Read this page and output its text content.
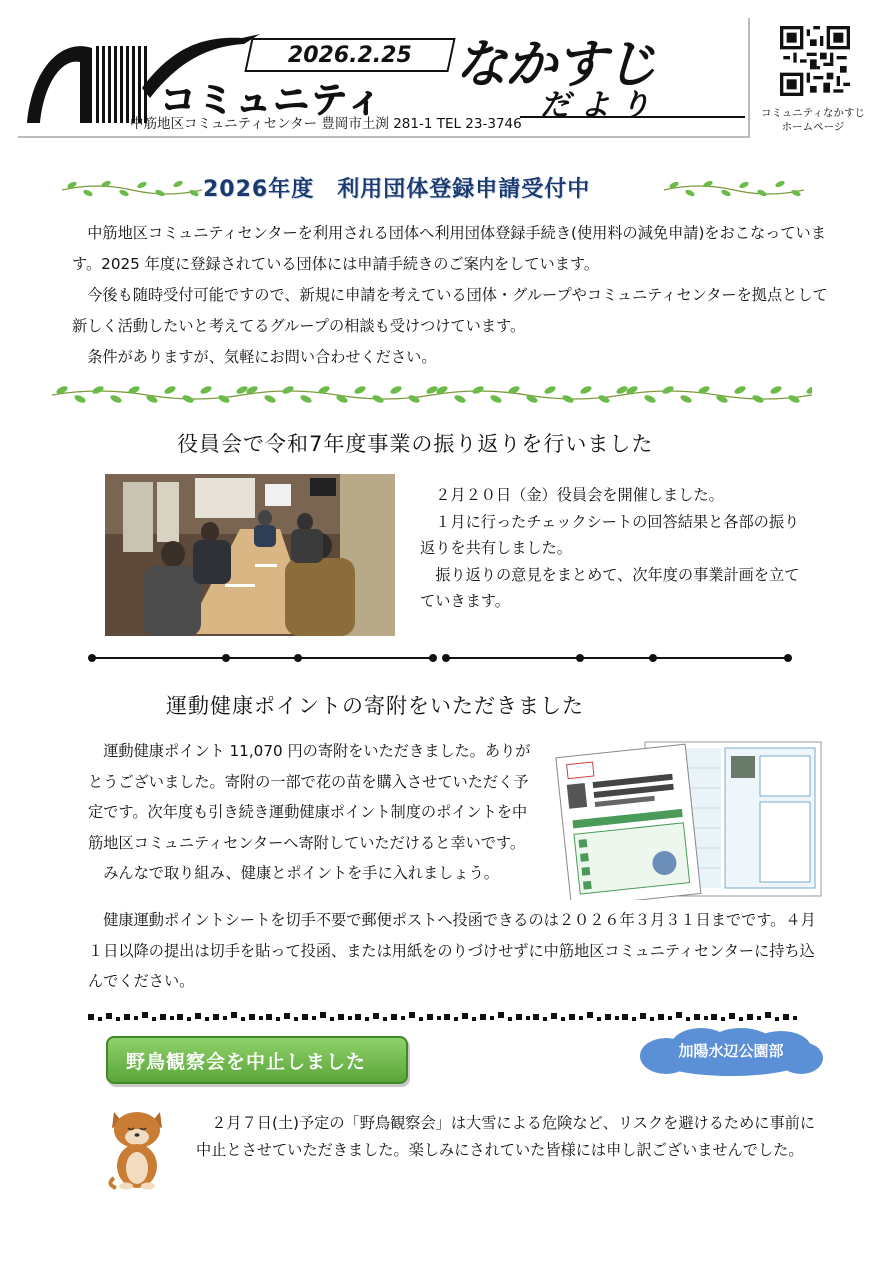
2026.2.25
コミュニティ
なかすじ
だより
中筋地区コミュニティセンター 豊岡市土渕 281-1 TEL 23-3746
コミュニティなかすじ
ホームページ
2026年度　利用団体登録申請受付中

中筋地区コミュニティセンターを利用される団体へ利用団体登録手続き(使用料の減免申請)をおこなっています。2025 年度に登録されている団体には申請手続きのご案内をしています。

今後も随時受付可能ですので、新規に申請を考えている団体・グループやコミュニティセンターを拠点として新しく活動したいと考えてるグループの相談も受けつけています。

条件がありますが、気軽にお問い合わせください。

役員会で令和7年度事業の振り返りを行いました

２月２０日（金）役員会を開催しました。

１月に行ったチェックシートの回答結果と各部の振り返りを共有しました。

振り返りの意見をまとめて、次年度の事業計画を立てていきます。

運動健康ポイントの寄附をいただきました

運動健康ポイント 11,070 円の寄附をいただきました。ありがとうございました。寄附の一部で花の苗を購入させていただく予定です。次年度も引き続き運動健康ポイント制度のポイントを中筋地区コミュニティセンターへ寄附していただけると幸いです。

みんなで取り組み、健康とポイントを手に入れましょう。

健康運動ポイントシートを切手不要で郵便ポストへ投函できるのは２０２６年３月３１日までです。４月１日以降の提出は切手を貼って投函、または用紙をのりづけせずに中筋地区コミュニティセンターに持ち込んでください。

野鳥観察会を中止しました	加陽水辺公園部

２月７日(土)予定の「野鳥観察会」は大雪による危険など、リスクを避けるために事前に中止とさせていただきました。楽しみにされていた皆様には申し訳ございませんでした。
